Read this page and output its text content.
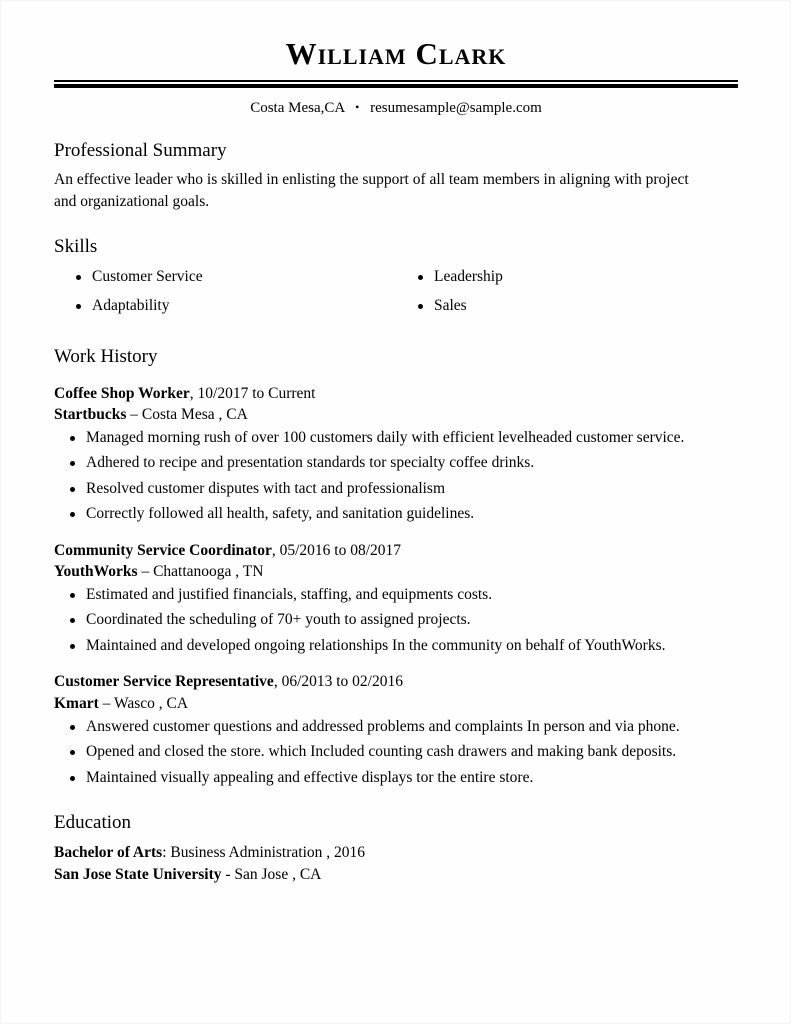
William Clark
Costa Mesa,CA • resumesample@sample.com
Professional Summary

An effective leader who is skilled in enlisting the support of all team members in aligning with project and organizational goals.

Skills
Customer Service
Adaptability
Leadership
Sales
Work History
Coffee Shop Worker, 10/2017 to Current
Startbucks – Costa Mesa , CA
Managed morning rush of over 100 customers daily with efficient levelheaded customer service.
Adhered to recipe and presentation standards tor specialty coffee drinks.
Resolved customer disputes with tact and professionalism
Correctly followed all health, safety, and sanitation guidelines.
Community Service Coordinator, 05/2016 to 08/2017
YouthWorks – Chattanooga , TN
Estimated and justified financials, staffing, and equipments costs.
Coordinated the scheduling of 70+ youth to assigned projects.
Maintained and developed ongoing relationships In the community on behalf of YouthWorks.
Customer Service Representative, 06/2013 to 02/2016
Kmart – Wasco , CA
Answered customer questions and addressed problems and complaints In person and via phone.
Opened and closed the store. which Included counting cash drawers and making bank deposits.
Maintained visually appealing and effective displays tor the entire store.
Education
Bachelor of Arts: Business Administration , 2016
San Jose State University - San Jose , CA
